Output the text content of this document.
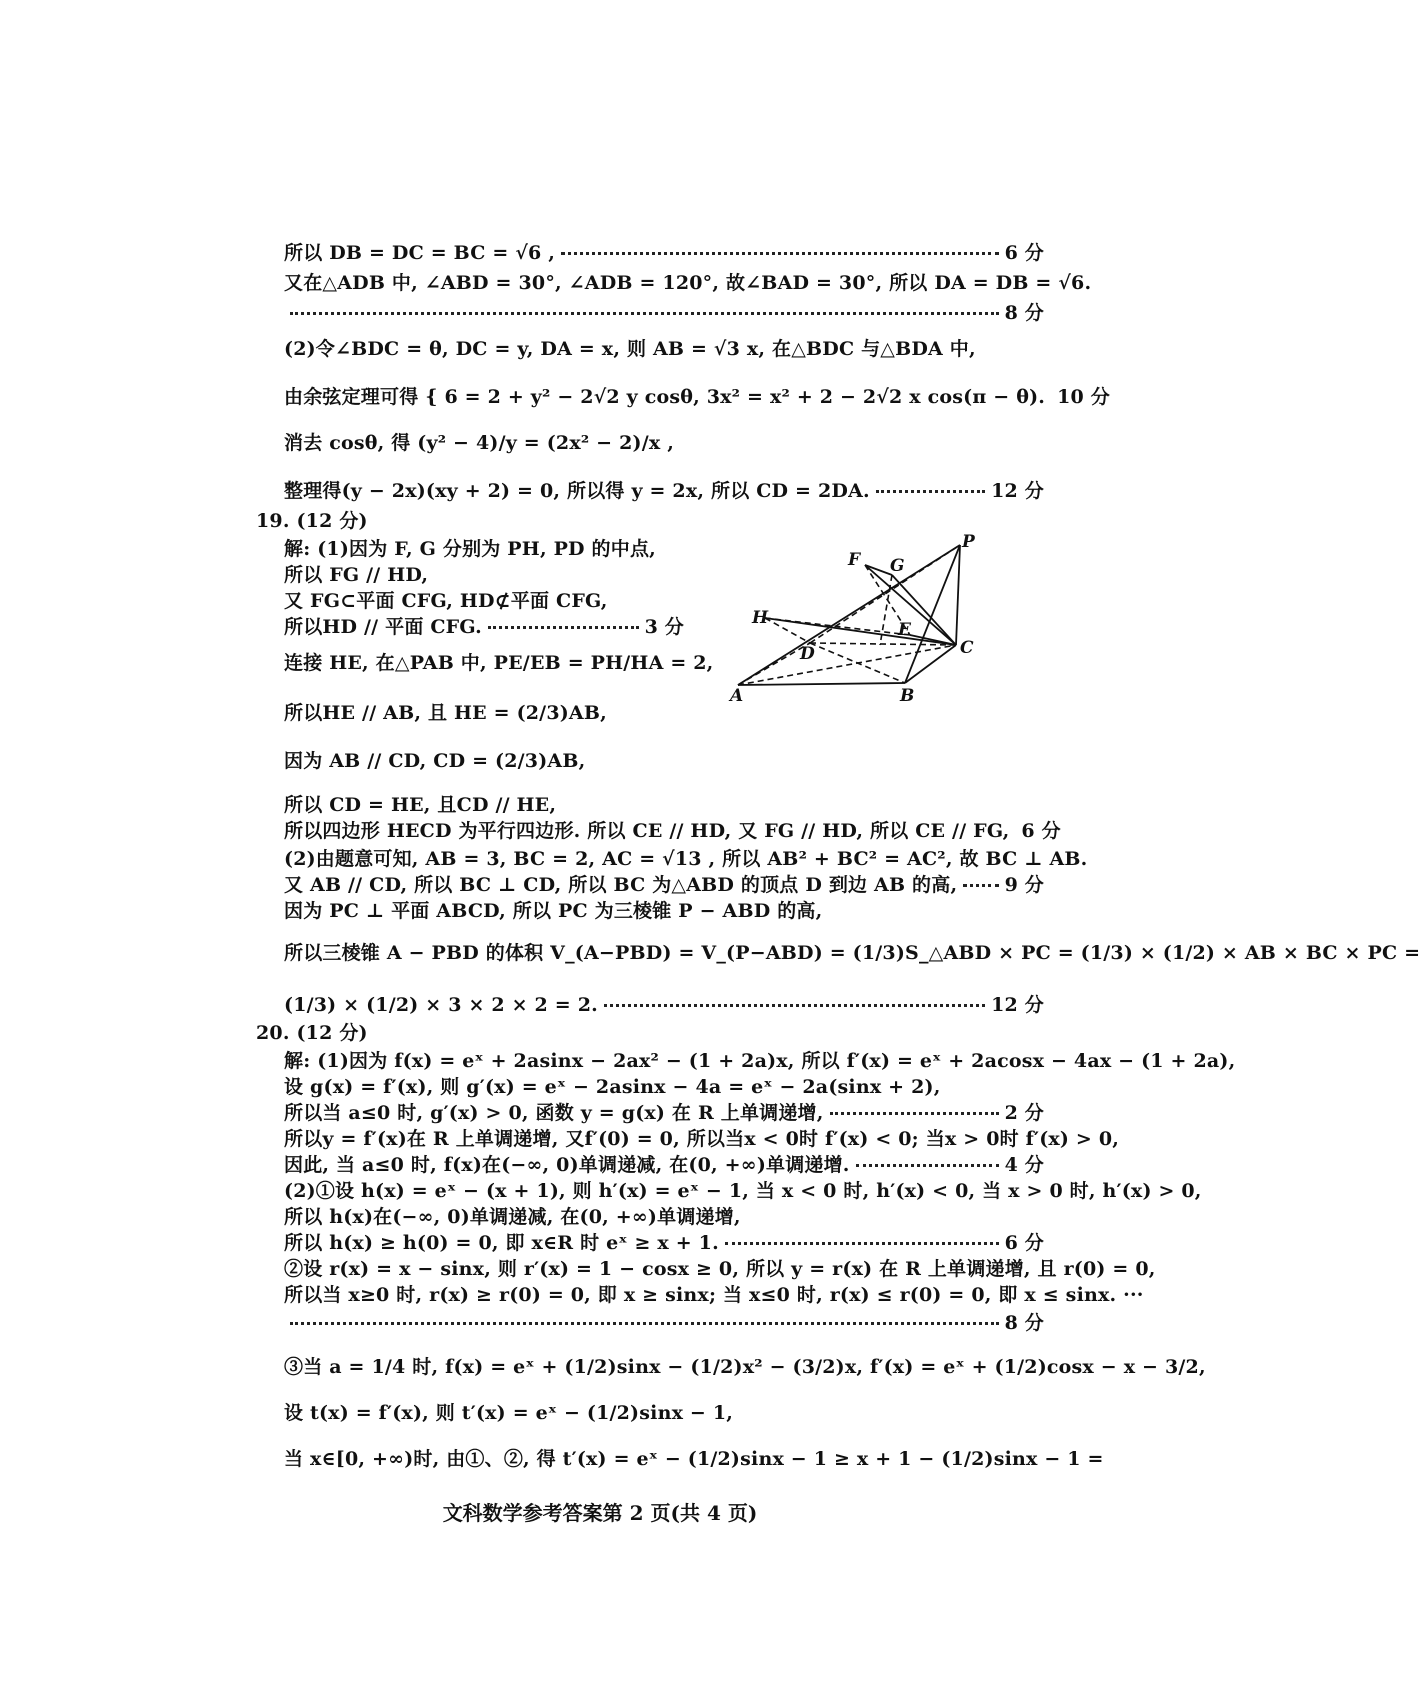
所以 DB = DC = BC = √6 ,	6 分
又在△ADB 中, ∠ABD = 30°, ∠ADB = 120°, 故∠BAD = 30°, 所以 DA = DB = √6.
8 分
(2)令∠BDC = θ, DC = y, DA = x, 则 AB = √3 x, 在△BDC 与△BDA 中,
由余弦定理可得 { 6 = 2 + y² − 2√2 y cosθ, 3x² = x² + 2 − 2√2 x cos(π − θ). 10 分
消去 cosθ, 得 (y² − 4)/y = (2x² − 2)/x ,
整理得(y − 2x)(xy + 2) = 0, 所以得 y = 2x, 所以 CD = 2DA.	12 分
19. (12 分)
解: (1)因为 F, G 分别为 PH, PD 的中点,
所以 FG // HD,
又 FG⊂平面 CFG, HD⊄平面 CFG,
所以HD // 平面 CFG.	3 分
连接 HE, 在△PAB 中, PE/EB = PH/HA = 2,
所以HE // AB, 且 HE = (2/3)AB,
因为 AB // CD, CD = (2/3)AB,
所以 CD = HE, 且CD // HE,
所以四边形 HECD 为平行四边形. 所以 CE // HD, 又 FG // HD, 所以 CE // FG, 6 分
(2)由题意可知, AB = 3, BC = 2, AC = √13 , 所以 AB² + BC² = AC², 故 BC ⊥ AB.
又 AB // CD, 所以 BC ⊥ CD, 所以 BC 为△ABD 的顶点 D 到边 AB 的高, 9 分
因为 PC ⊥ 平面 ABCD, 所以 PC 为三棱锥 P − ABD 的高,
所以三棱锥 A − PBD 的体积 V_(A−PBD) = V_(P−ABD) = (1/3)S_△ABD × PC = (1/3) × (1/2) × AB × BC × PC =
(1/3) × (1/2) × 3 × 2 × 2 = 2.	12 分
20. (12 分)
解: (1)因为 f(x) = eˣ + 2asinx − 2ax² − (1 + 2a)x, 所以 f′(x) = eˣ + 2acosx − 4ax − (1 + 2a),
设 g(x) = f′(x), 则 g′(x) = eˣ − 2asinx − 4a = eˣ − 2a(sinx + 2),
所以当 a≤0 时, g′(x) > 0, 函数 y = g(x) 在 R 上单调递增,	2 分
所以y = f′(x)在 R 上单调递增, 又f′(0) = 0, 所以当x < 0时 f′(x) < 0; 当x > 0时 f′(x) > 0,
因此, 当 a≤0 时, f(x)在(−∞, 0)单调递减, 在(0, +∞)单调递增.	4 分
(2)①设 h(x) = eˣ − (x + 1), 则 h′(x) = eˣ − 1, 当 x < 0 时, h′(x) < 0, 当 x > 0 时, h′(x) > 0,
所以 h(x)在(−∞, 0)单调递减, 在(0, +∞)单调递增,
所以 h(x) ≥ h(0) = 0, 即 x∈R 时 eˣ ≥ x + 1.	6 分
②设 r(x) = x − sinx, 则 r′(x) = 1 − cosx ≥ 0, 所以 y = r(x) 在 R 上单调递增, 且 r(0) = 0,
所以当 x≥0 时, r(x) ≥ r(0) = 0, 即 x ≥ sinx; 当 x≤0 时, r(x) ≤ r(0) = 0, 即 x ≤ sinx. ···
8 分
③当 a = 1/4 时, f(x) = eˣ + (1/2)sinx − (1/2)x² − (3/2)x, f′(x) = eˣ + (1/2)cosx − x − 3/2,
设 t(x) = f′(x), 则 t′(x) = eˣ − (1/2)sinx − 1,
当 x∈[0, +∞)时, 由①、②, 得 t′(x) = eˣ − (1/2)sinx − 1 ≥ x + 1 − (1/2)sinx − 1 =
P
F G
H
E
D	C
A	B
文科数学参考答案第 2 页(共 4 页)
